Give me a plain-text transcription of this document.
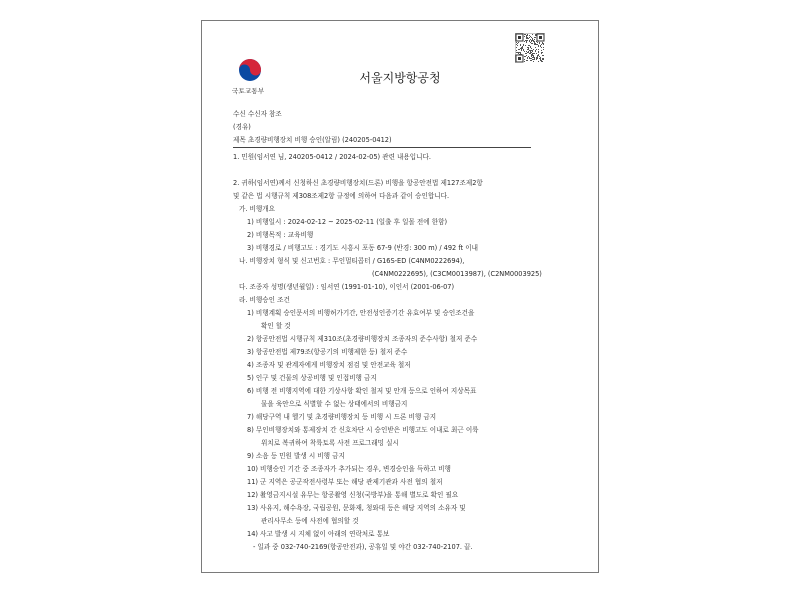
국토교통부
서울지방항공청
수신 수신자 참조
(경유)
제목 초경량비행장치 비행 승인(알림) (240205-0412)
1. 민원(임서연 님, 240205-0412 / 2024-02-05) 관련 내용입니다.
2. 귀하(임서연)께서 신청하신 초경량비행장치(드론) 비행을 항공안전법 제127조제2항
및 같은 법 시행규칙 제308조제2항 규정에 의하여 다음과 같이 승인합니다.
가. 비행개요
1) 비행일시 : 2024-02-12 ~ 2025-02-11 (일출 후 일몰 전에 한함)
2) 비행목적 : 교육비행
3) 비행경로 / 비행고도 : 경기도 시흥시 포동 67-9 (반경: 300 m) / 492 ft 이내
나. 비행장치 형식 및 신고번호 : 무인멀티콥터 / G16S-ED (C4NM0222694),
(C4NM0222695), (C3CM0013987), (C2NM0003925)
다. 조종자 성명(생년월일) : 임서연 (1991-01-10), 이인서 (2001-06-07)
라. 비행승인 조건
1) 비행계획 승인문서의 비행허가기간, 안전성인증기간 유효여부 및 승인조건을
확인 할 것
2) 항공안전법 시행규칙 제310조(초경량비행장치 조종자의 준수사항) 철저 준수
3) 항공안전법 제79조(항공기의 비행제한 등) 철저 준수
4) 조종자 및 관계자에게 비행장치 점검 및 안전교육 철저
5) 인구 및 건물의 상공비행 및 인접비행 금지
6) 비행 전 비행지역에 대한 기상사항 확인 철저 및 안개 등으로 인하여 지상목표
물을 육안으로 식별할 수 없는 상태에서의 비행금지
7) 해당구역 내 헬기 및 초경량비행장치 등 비행 시 드론 비행 금지
8) 무인비행장치와 통제장치 간 신호차단 시 승인받은 비행고도 이내로 최근 이륙
위치로 복귀하여 착륙토록 사전 프로그래밍 실시
9) 소음 등 민원 발생 시 비행 금지
10) 비행승인 기간 중 조종자가 추가되는 경우, 변경승인을 득하고 비행
11) 군 지역은 공군작전사령부 또는 해당 관제기관과 사전 협의 철저
12) 촬영금지시설 유무는 항공촬영 신청(국방부)을 통해 별도로 확인 필요
13) 사유지, 해수욕장, 국립공원, 문화재, 청와대 등은 해당 지역의 소유자 및
관리사무소 등에 사전에 협의할 것
14) 사고 발생 시 지체 없이 아래의 연락처로 통보
- 일과 중 032-740-2169(항공안전과), 공휴일 및 야간 032-740-2107. 끝.
